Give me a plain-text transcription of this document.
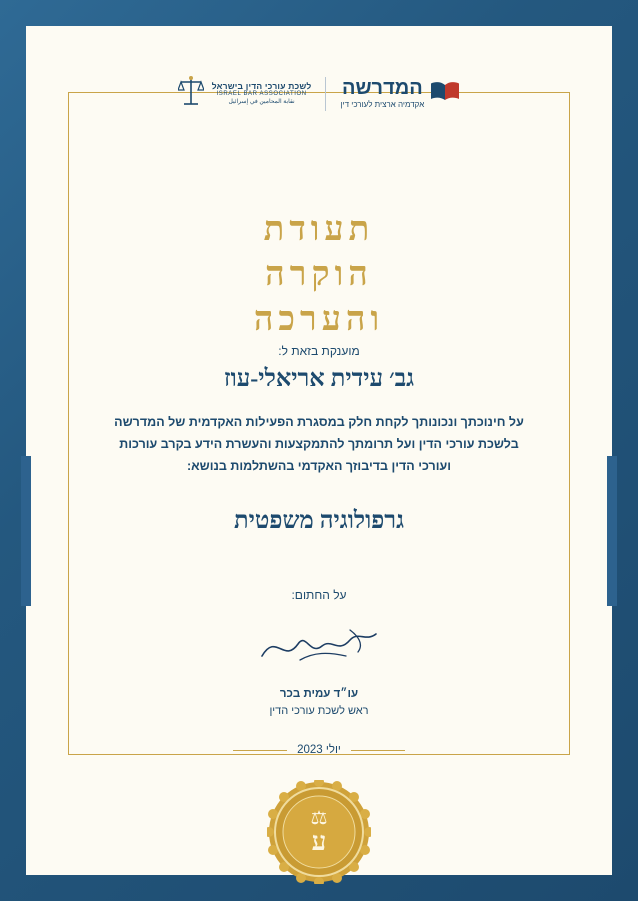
המדרשה
אקדמיה ארצית לעורכי דין
לשכת עורכי הדין בישראל
ISRAEL BAR ASSOCIATION
نقابة المحامين في إسرائيل
תעודת
הוקרה
והערכה
מוענקת בזאת ל:
גב׳ עידית אריאלי-עוז
על חינוכתך ונכונותך לקחת חלק במסגרת הפעילות האקדמית של המדרשה בלשכת עורכי הדין ועל תרומתך להתמקצעות והעשרת הידע בקרב עורכות ועורכי הדין בדיבוזך האקדמי בהשתלמות בנושא:
גרפולוגיה משפטית
על החתום:
עו״ד עמית בכר
ראש לשכת עורכי הדין
יולי 2023
⚖
ע
